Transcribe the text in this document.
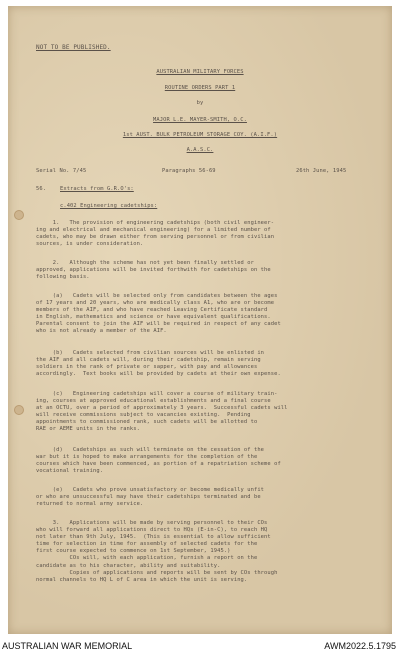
NOT TO BE PUBLISHED.
AUSTRALIAN MILITARY FORCES
ROUTINE ORDERS PART 1
by
MAJOR L.E. MAYER-SMITH, O.C.
1st AUST. BULK PETROLEUM STORAGE COY. (A.I.F.)
A.A.S.C.
Serial No. 7/45	Paragraphs 56-69	26th June, 1945
56.	Extracts from G.R.O's:
c.402 Engineering cadetships:
1.   The provision of engineering cadetships (both civil engineer-
ing and electrical and mechanical engineering) for a limited number of
cadets, who may be drawn either from serving personnel or from civilian
sources, is under consideration.
2.   Although the scheme has not yet been finally settled or
approved, applications will be invited forthwith for cadetships on the
following basis.
(a)   Cadets will be selected only from candidates between the ages
of 17 years and 20 years, who are medically class A1, who are or become
members of the AIF, and who have reached Leaving Certificate standard
in English, mathematics and science or have equivalent qualifications.
Parental consent to join the AIF will be required in respect of any cadet
who is not already a member of the AIF.
(b)   Cadets selected from civilian sources will be enlisted in
the AIF and all cadets will, during their cadetship, remain serving
soldiers in the rank of private or sapper, with pay and allowances
accordingly.  Text books will be provided by cadets at their own expense.
(c)   Engineering cadetships will cover a course of military train-
ing, courses at approved educational establishments and a final course
at an OCTU, over a period of approximately 3 years.  Successful cadets will
will receive commissions subject to vacancies existing.  Pending
appointments to commissioned rank, such cadets will be allotted to
RAE or AEME units in the ranks.
(d)   Cadetships as such will terminate on the cessation of the
war but it is hoped to make arrangements for the completion of the
courses which have been commenced, as portion of a repatriation scheme of
vocational training.
(e)   Cadets who prove unsatisfactory or become medically unfit
or who are unsuccessful may have their cadetships terminated and be
returned to normal army service.
3.   Applications will be made by serving personnel to their COs
who will forward all applications direct to HQs (E-in-C), to reach HQ
not later than 9th July, 1945.  (This is essential to allow sufficient
time for selection in time for assembly of selected cadets for the
first course expected to commence on 1st September, 1945.)
COs will, with each application, furnish a report on the
candidate as to his character, ability and suitability.
Copies of applications and reports will be sent by COs through
normal channels to HQ L of C area in which the unit is serving.
AUSTRALIAN WAR MEMORIAL	AWM2022.5.1795
